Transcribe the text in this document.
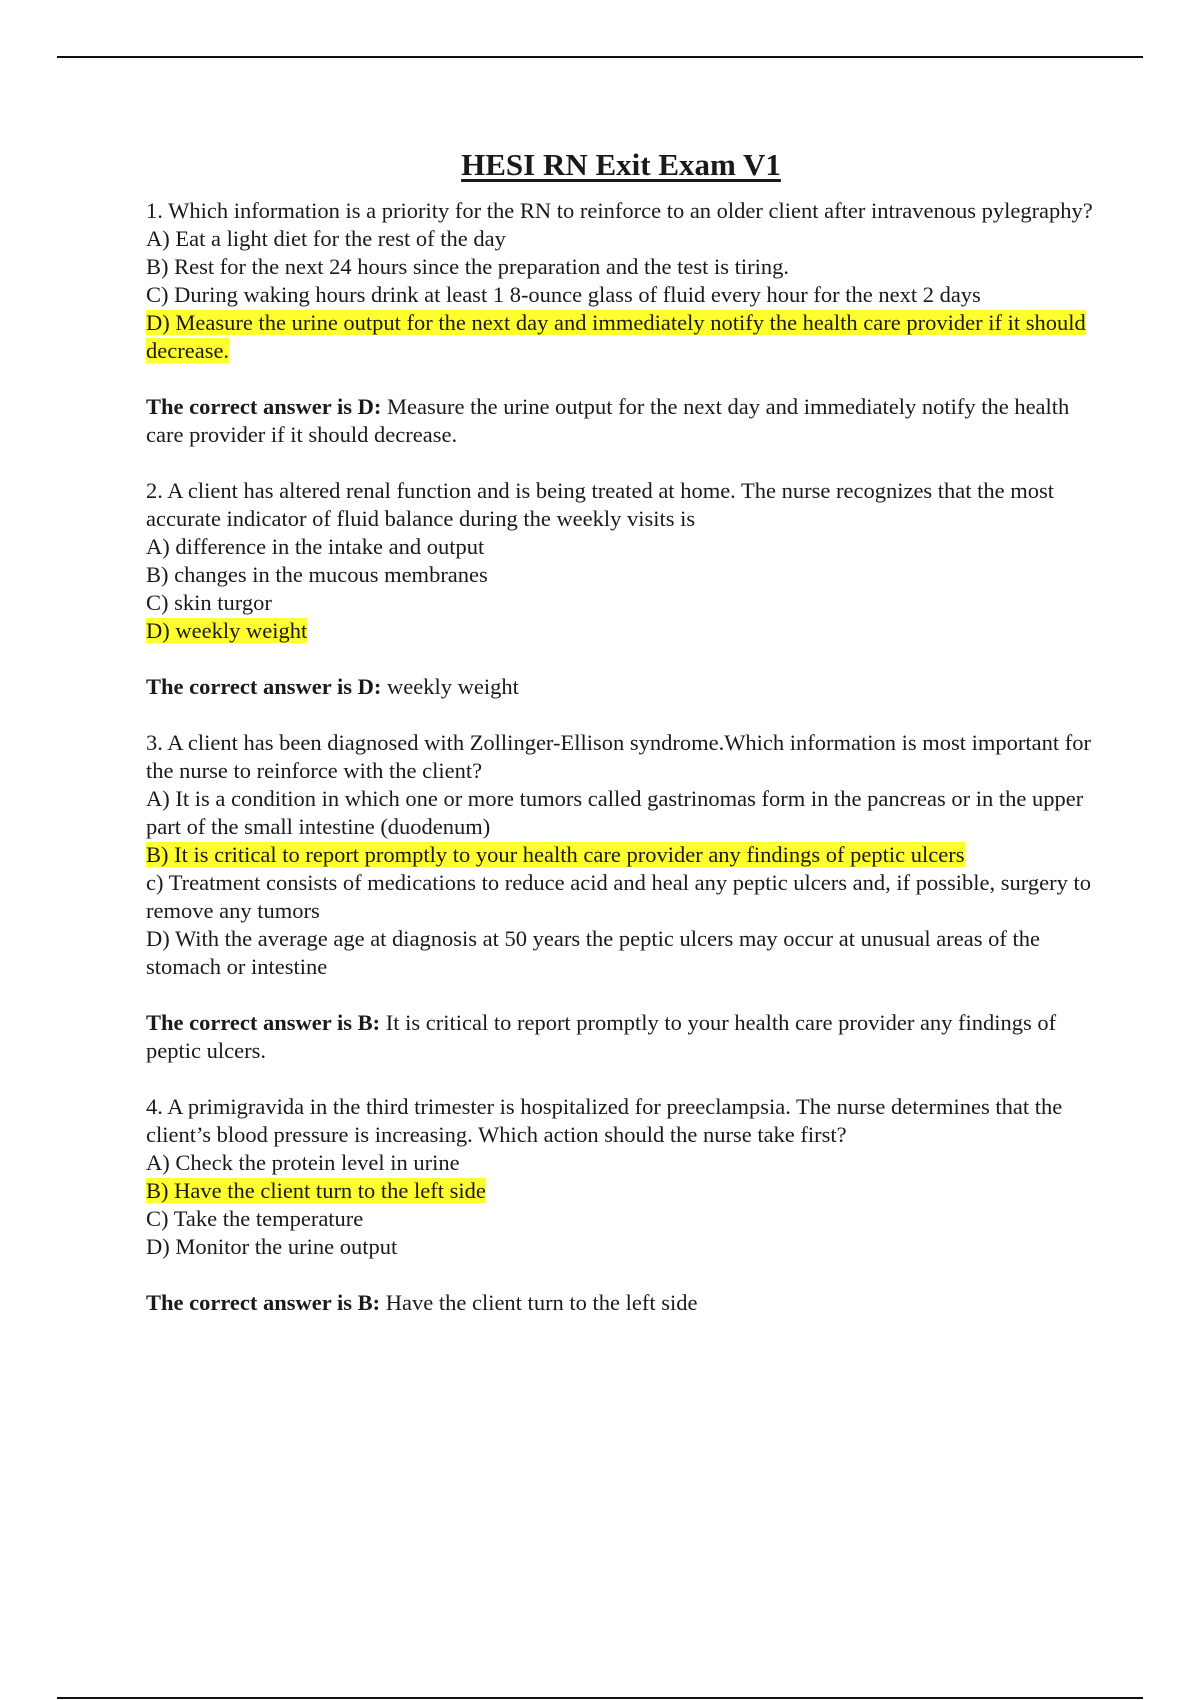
HESI RN Exit Exam V1

1. Which information is a priority for the RN to reinforce to an older client after intravenous pylegraphy?

A) Eat a light diet for the rest of the day

B) Rest for the next 24 hours since the preparation and the test is tiring.

C) During waking hours drink at least 1 8-ounce glass of fluid every hour for the next 2 days

D) Measure the urine output for the next day and immediately notify the health care provider if it should decrease.

The correct answer is D: Measure the urine output for the next day and immediately notify the health care provider if it should decrease.

2. A client has altered renal function and is being treated at home. The nurse recognizes that the most accurate indicator of fluid balance during the weekly visits is

A) difference in the intake and output

B) changes in the mucous membranes

C) skin turgor

D) weekly weight

The correct answer is D: weekly weight

3. A client has been diagnosed with Zollinger-Ellison syndrome.Which information is most important for the nurse to reinforce with the client?

A) It is a condition in which one or more tumors called gastrinomas form in the pancreas or in the upper part of the small intestine (duodenum)

B) It is critical to report promptly to your health care provider any findings of peptic ulcers

c) Treatment consists of medications to reduce acid and heal any peptic ulcers and, if possible, surgery to remove any tumors

D) With the average age at diagnosis at 50 years the peptic ulcers may occur at unusual areas of the stomach or intestine

The correct answer is B: It is critical to report promptly to your health care provider any findings of peptic ulcers.

4. A primigravida in the third trimester is hospitalized for preeclampsia. The nurse determines that the client’s blood pressure is increasing. Which action should the nurse take first?

A) Check the protein level in urine

B) Have the client turn to the left side

C) Take the temperature

D) Monitor the urine output

The correct answer is B: Have the client turn to the left side
